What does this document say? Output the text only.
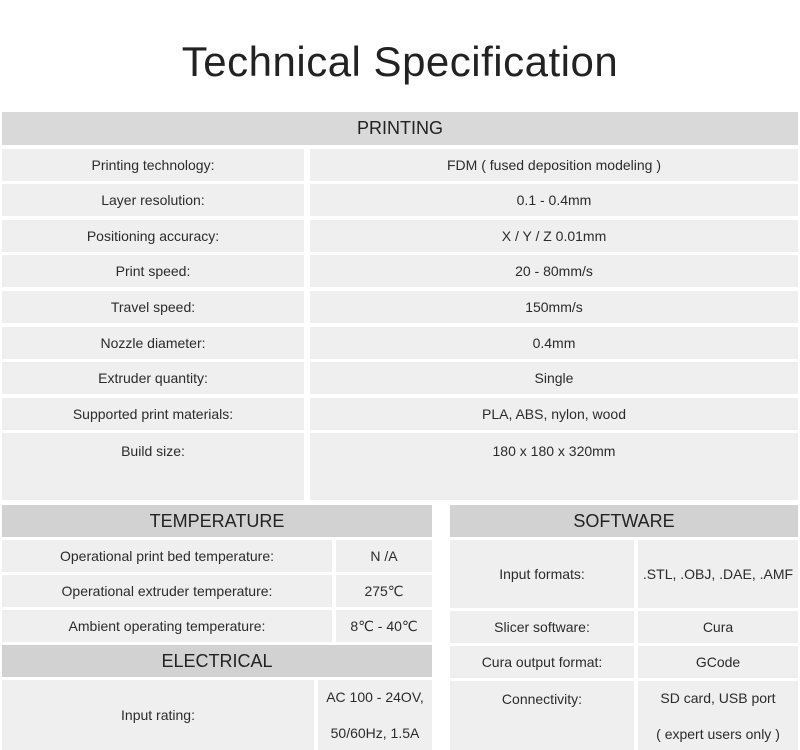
Technical Specification
PRINTING
Printing technology:	FDM ( fused deposition modeling )
Layer resolution:	0.1 - 0.4mm
Positioning accuracy:	X / Y / Z 0.01mm
Print speed:	20 - 80mm/s
Travel speed:	150mm/s
Nozzle diameter:	0.4mm
Extruder quantity:	Single
Supported print materials:	PLA, ABS, nylon, wood
Build size:	180 x 180 x 320mm
TEMPERATURE
Operational print bed temperature:	N /A
Operational extruder temperature:	275℃
Ambient operating temperature:	8℃ - 40℃
ELECTRICAL
Input rating:
AC 100 - 24OV,
50/60Hz, 1.5A
SOFTWARE
Input formats:	.STL, .OBJ, .DAE, .AMF
Slicer software:	Cura
Cura output format:	GCode
Connectivity:	SD card, USB port
( expert users only )
